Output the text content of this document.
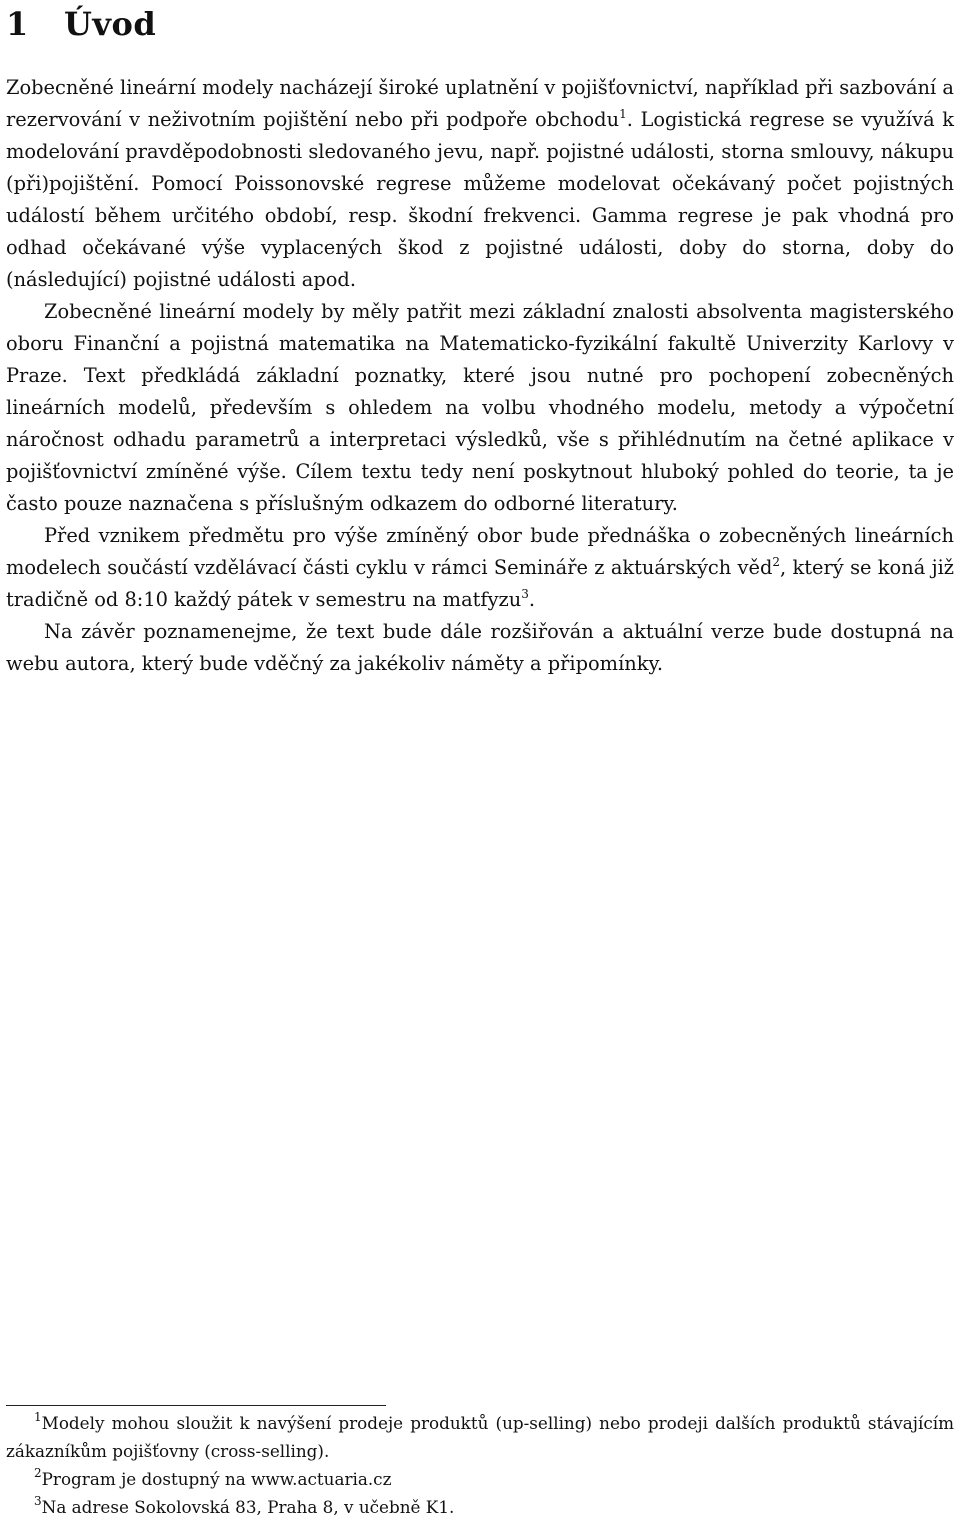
1 Úvod

Zobecněné lineární modely nacházejí široké uplatnění v pojišťovnictví, například při sazbování a rezervování v neživotním pojištění nebo při podpoře obchodu$^1$. Logistická regrese se využívá k modelování pravděpodobnosti sledovaného jevu, např. pojistné události, storna smlouvy, nákupu (při)pojištění. Pomocí Poissonovské regrese můžeme modelovat očekávaný počet pojistných událostí během určitého období, resp. škodní frekvenci. Gamma regrese je pak vhodná pro odhad očekávané výše vyplacených škod z pojistné události, doby do storna, doby do (následující) pojistné události apod.

Zobecněné lineární modely by měly patřit mezi základní znalosti absolventa magisterského oboru Finanční a pojistná matematika na Matematicko-fyzikální fakultě Univerzity Karlovy v Praze. Text předkládá základní poznatky, které jsou nutné pro pochopení zobecněných lineárních modelů, především s ohledem na volbu vhodného modelu, metody a výpočetní náročnost odhadu parametrů a interpretaci výsledků, vše s přihlédnutím na četné aplikace v pojišťovnictví zmíněné výše. Cílem textu tedy není poskytnout hluboký pohled do teorie, ta je často pouze naznačena s příslušným odkazem do odborné literatury.

Před vznikem předmětu pro výše zmíněný obor bude přednáška o zobecněných lineárních modelech součástí vzdělávací části cyklu v rámci Semináře z aktuárských věd$^2$, který se koná již tradičně od 8:10 každý pátek v semestru na matfyzu$^3$.

Na závěr poznamenejme, že text bude dále rozšiřován a aktuální verze bude dostupná na webu autora, který bude vděčný za jakékoliv náměty a připomínky.

$^1$Modely mohou sloužit k navýšení prodeje produktů (up-selling) nebo prodeji dalších produktů stávajícím zákazníkům pojišťovny (cross-selling).

$^2$Program je dostupný na www.actuaria.cz

$^3$Na adrese Sokolovská 83, Praha 8, v učebně K1.
